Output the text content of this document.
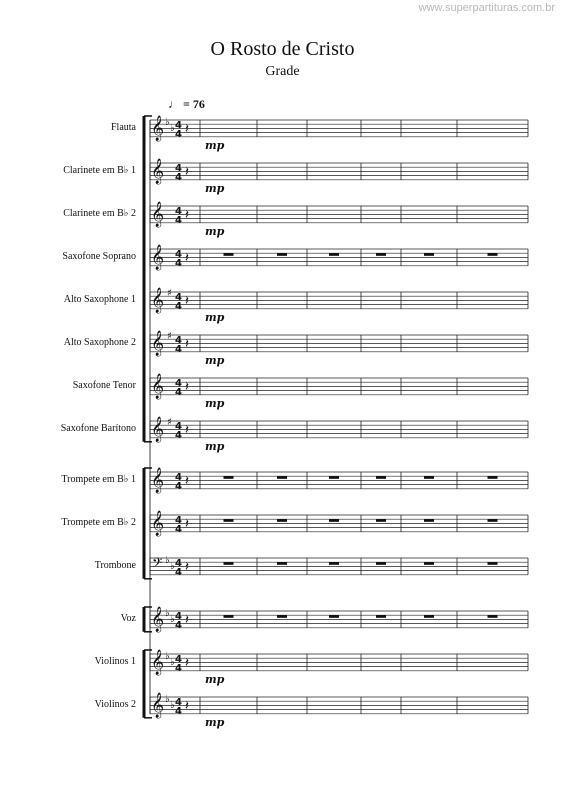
www.superpartituras.com.br
O Rosto de Cristo
Grade
♩ = 76
Flauta 𝄞 ♭
♭ 4
4 𝄽
mp
Clarinete em B♭ 1 𝄞 4
4 𝄽
mp
Clarinete em B♭ 2 𝄞 4
4 𝄽
mp
Saxofone Soprano 𝄞 4
4 𝄽
Alto Saxophone 1 𝄞 ♯ 4
4 𝄽
mp
Alto Saxophone 2 𝄞 ♯ 4
4 𝄽
mp
Saxofone Tenor 𝄞 4
4 𝄽
mp
Saxofone Barítono 𝄞 ♯ 4
4 𝄽
mp
Trompete em B♭ 1 𝄞 4
4 𝄽
Trompete em B♭ 2 𝄞 4
4 𝄽
Trombone 𝄢 ♭
♭ 4
4 𝄽
Voz 𝄞 ♭
♭ 4
4 𝄽
Violinos 1 𝄞 ♭
♭ 4
4 𝄽
mp
Violinos 2 𝄞 ♭
♭ 4
4 𝄽
mp
